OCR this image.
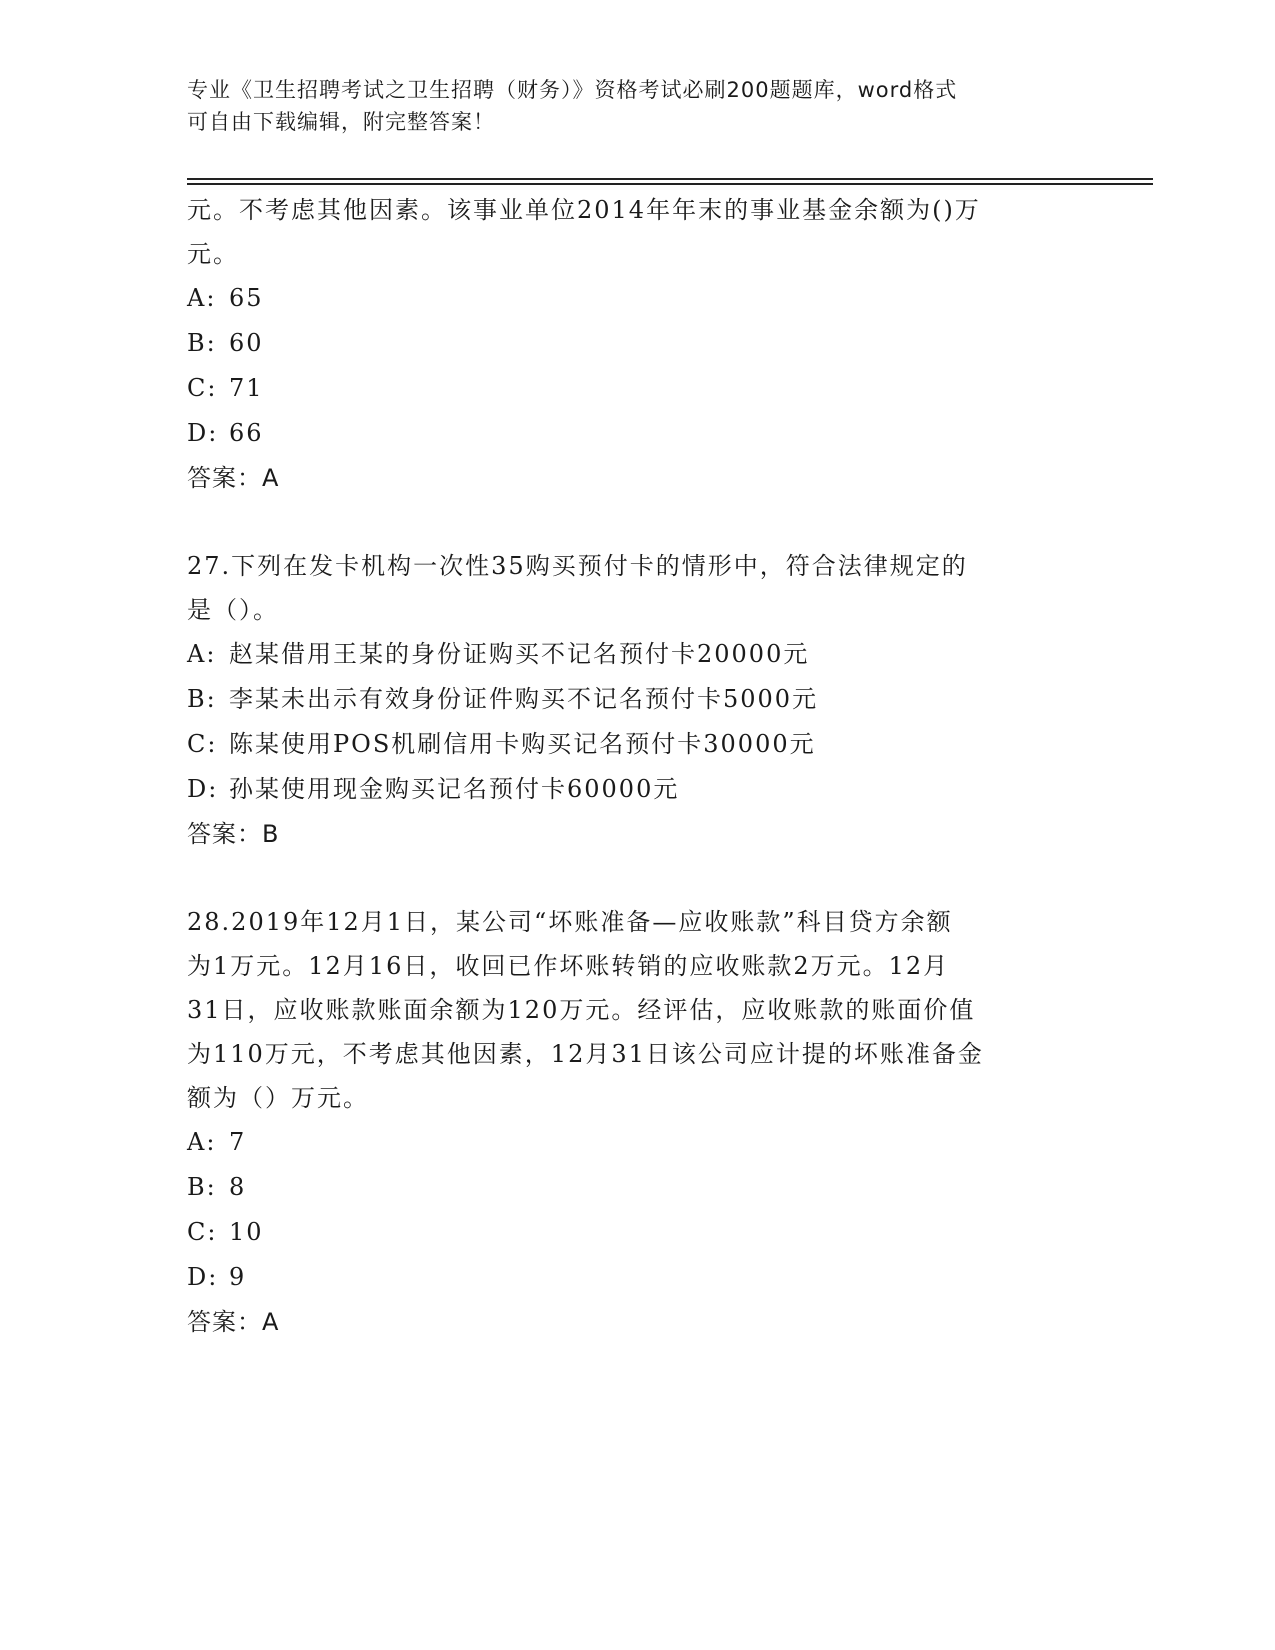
专业《卫生招聘考试之卫生招聘（财务）》资格考试必刷200题题库，word格式
可自由下载编辑，附完整答案！
元。不考虑其他因素。该事业单位2014年年末的事业基金余额为()万
元。
A: 65
B: 60
C: 71
D: 66
答案：A
27.下列在发卡机构一次性35购买预付卡的情形中，符合法律规定的
是（）。
A: 赵某借用王某的身份证购买不记名预付卡20000元
B: 李某未出示有效身份证件购买不记名预付卡5000元
C: 陈某使用POS机刷信用卡购买记名预付卡30000元
D: 孙某使用现金购买记名预付卡60000元
答案：B
28.2019年12月1日，某公司“坏账准备—应收账款”科目贷方余额
为1万元。12月16日，收回已作坏账转销的应收账款2万元。12月
31日，应收账款账面余额为120万元。经评估，应收账款的账面价值
为110万元，不考虑其他因素，12月31日该公司应计提的坏账准备金
额为（）万元。
A: 7
B: 8
C: 10
D: 9
答案：A
